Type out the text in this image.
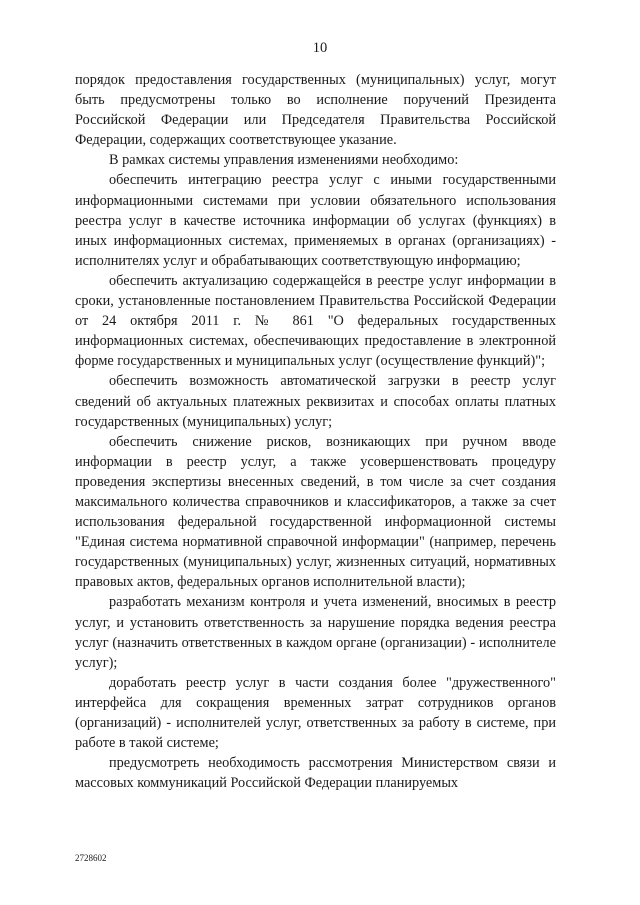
10

порядок предоставления государственных (муниципальных) услуг, могут быть предусмотрены только во исполнение поручений Президента Российской Федерации или Председателя Правительства Российской Федерации, содержащих соответствующее указание.

В рамках системы управления изменениями необходимо:

обеспечить интеграцию реестра услуг с иными государственными информационными системами при условии обязательного использования реестра услуг в качестве источника информации об услугах (функциях) в иных информационных системах, применяемых в органах (организациях) - исполнителях услуг и обрабатывающих соответствующую информацию;

обеспечить актуализацию содержащейся в реестре услуг информации в сроки, установленные постановлением Правительства Российской Федерации от 24 октября 2011 г. № 861 "О федеральных государственных информационных системах, обеспечивающих предоставление в электронной форме государственных и муниципальных услуг (осуществление функций)";

обеспечить возможность автоматической загрузки в реестр услуг сведений об актуальных платежных реквизитах и способах оплаты платных государственных (муниципальных) услуг;

обеспечить снижение рисков, возникающих при ручном вводе информации в реестр услуг, а также усовершенствовать процедуру проведения экспертизы внесенных сведений, в том числе за счет создания максимального количества справочников и классификаторов, а также за счет использования федеральной государственной информационной системы "Единая система нормативной справочной информации" (например, перечень государственных (муниципальных) услуг, жизненных ситуаций, нормативных правовых актов, федеральных органов исполнительной власти);

разработать механизм контроля и учета изменений, вносимых в реестр услуг, и установить ответственность за нарушение порядка ведения реестра услуг (назначить ответственных в каждом органе (организации) - исполнителе услуг);

доработать реестр услуг в части создания более "дружественного" интерфейса для сокращения временных затрат сотрудников органов (организаций) - исполнителей услуг, ответственных за работу в системе, при работе в такой системе;

предусмотреть необходимость рассмотрения Министерством связи и массовых коммуникаций Российской Федерации планируемых

2728602
